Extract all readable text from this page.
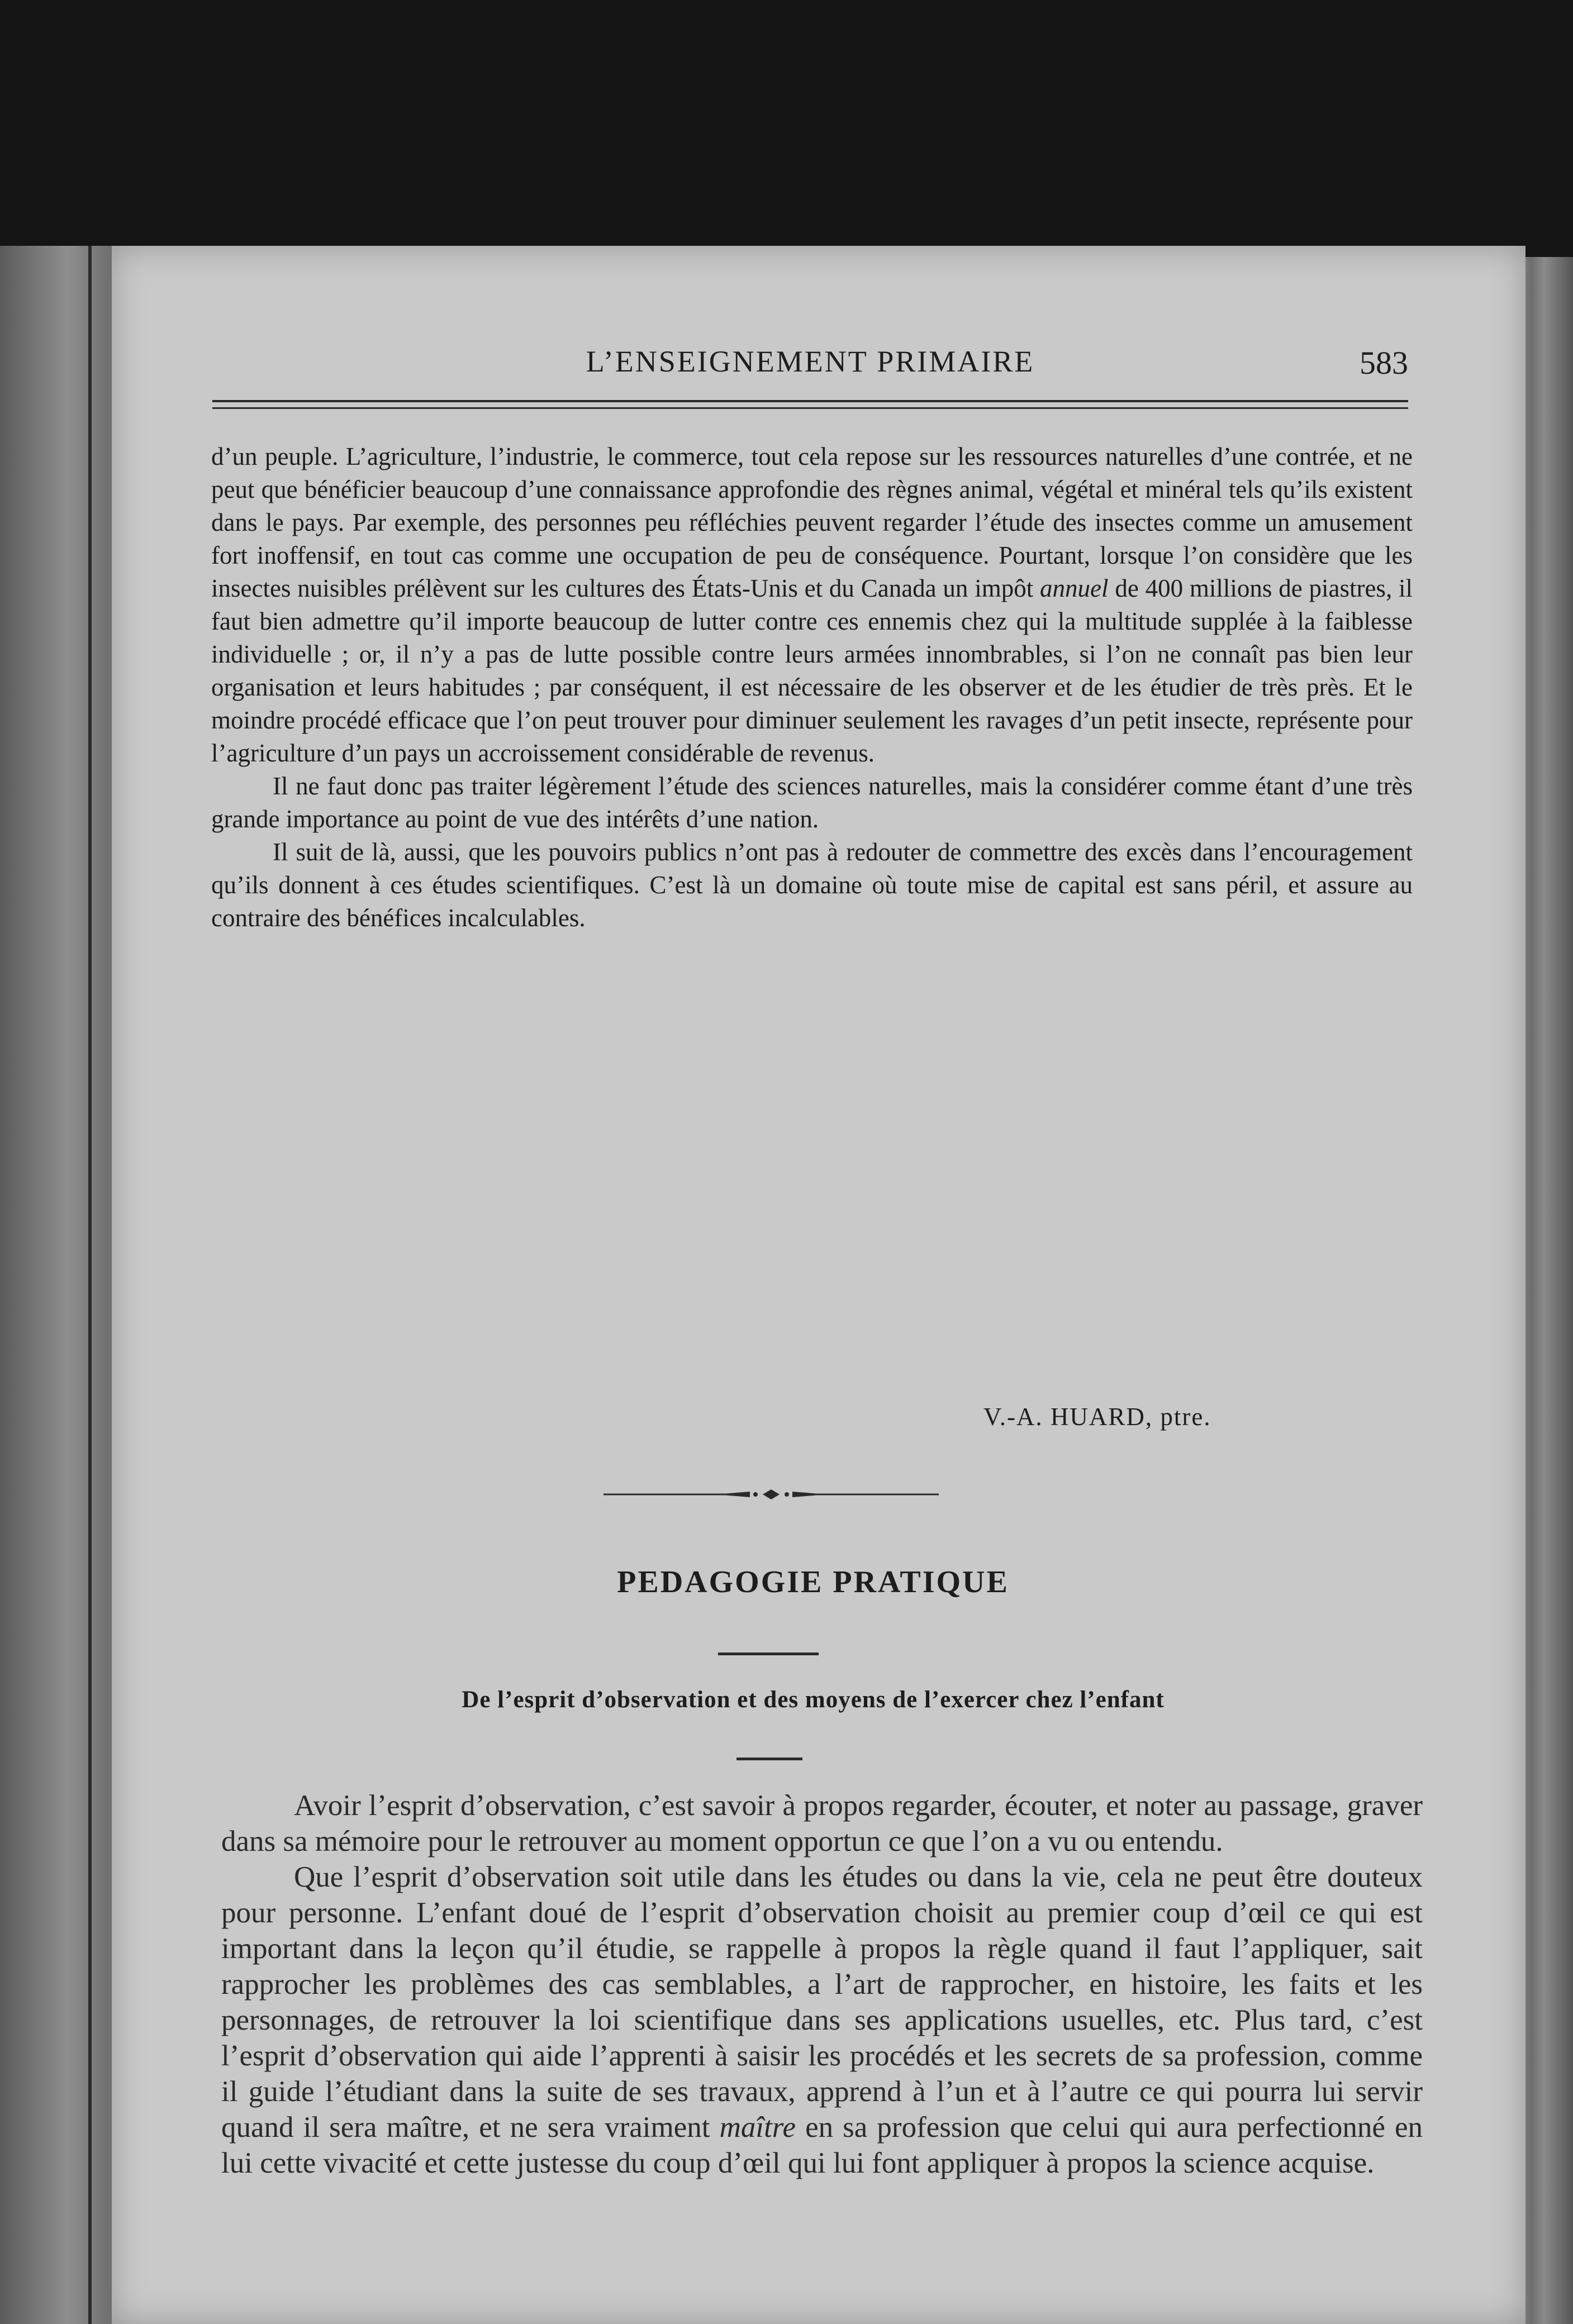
L’ENSEIGNEMENT PRIMAIRE	583

d’un peuple. L’agriculture, l’industrie, le commerce, tout cela repose sur les ressources naturelles d’une contrée, et ne peut que bénéficier beaucoup d’une connaissance approfondie des règnes animal, végétal et minéral tels qu’ils existent dans le pays. Par exemple, des personnes peu réfléchies peuvent regarder l’étude des insectes comme un amusement fort inoffensif, en tout cas comme une occupation de peu de conséquence. Pourtant, lorsque l’on considère que les insectes nuisibles prélèvent sur les cultures des États-Unis et du Canada un impôt annuel de 400 millions de piastres, il faut bien admettre qu’il importe beaucoup de lutter contre ces ennemis chez qui la multitude supplée à la faiblesse individuelle ; or, il n’y a pas de lutte possible contre leurs armées innombrables, si l’on ne connaît pas bien leur organisation et leurs habitudes ; par conséquent, il est nécessaire de les observer et de les étudier de très près. Et le moindre procédé efficace que l’on peut trouver pour diminuer seulement les ravages d’un petit insecte, représente pour l’agriculture d’un pays un accroissement considérable de revenus.

Il ne faut donc pas traiter légèrement l’étude des sciences naturelles, mais la considérer comme étant d’une très grande importance au point de vue des intérêts d’une nation.

Il suit de là, aussi, que les pouvoirs publics n’ont pas à redouter de commettre des excès dans l’encouragement qu’ils donnent à ces études scientifiques. C’est là un domaine où toute mise de capital est sans péril, et assure au contraire des bénéfices incalculables.

V.-A. HUARD, ptre.
PEDAGOGIE PRATIQUE
De l’esprit d’observation et des moyens de l’exercer chez l’enfant

Avoir l’esprit d’observation, c’est savoir à propos regarder, écouter, et noter au passage, graver dans sa mémoire pour le retrouver au moment opportun ce que l’on a vu ou entendu.

Que l’esprit d’observation soit utile dans les études ou dans la vie, cela ne peut être douteux pour personne. L’enfant doué de l’esprit d’observation choisit au premier coup d’œil ce qui est important dans la leçon qu’il étudie, se rappelle à propos la règle quand il faut l’appliquer, sait rapprocher les problèmes des cas semblables, a l’art de rapprocher, en histoire, les faits et les personnages, de retrouver la loi scientifique dans ses applications usuelles, etc. Plus tard, c’est l’esprit d’observation qui aide l’apprenti à saisir les procédés et les secrets de sa profession, comme il guide l’étudiant dans la suite de ses travaux, apprend à l’un et à l’autre ce qui pourra lui servir quand il sera maître, et ne sera vraiment maître en sa profession que celui qui aura perfectionné en lui cette vivacité et cette justesse du coup d’œil qui lui font appliquer à propos la science acquise.
